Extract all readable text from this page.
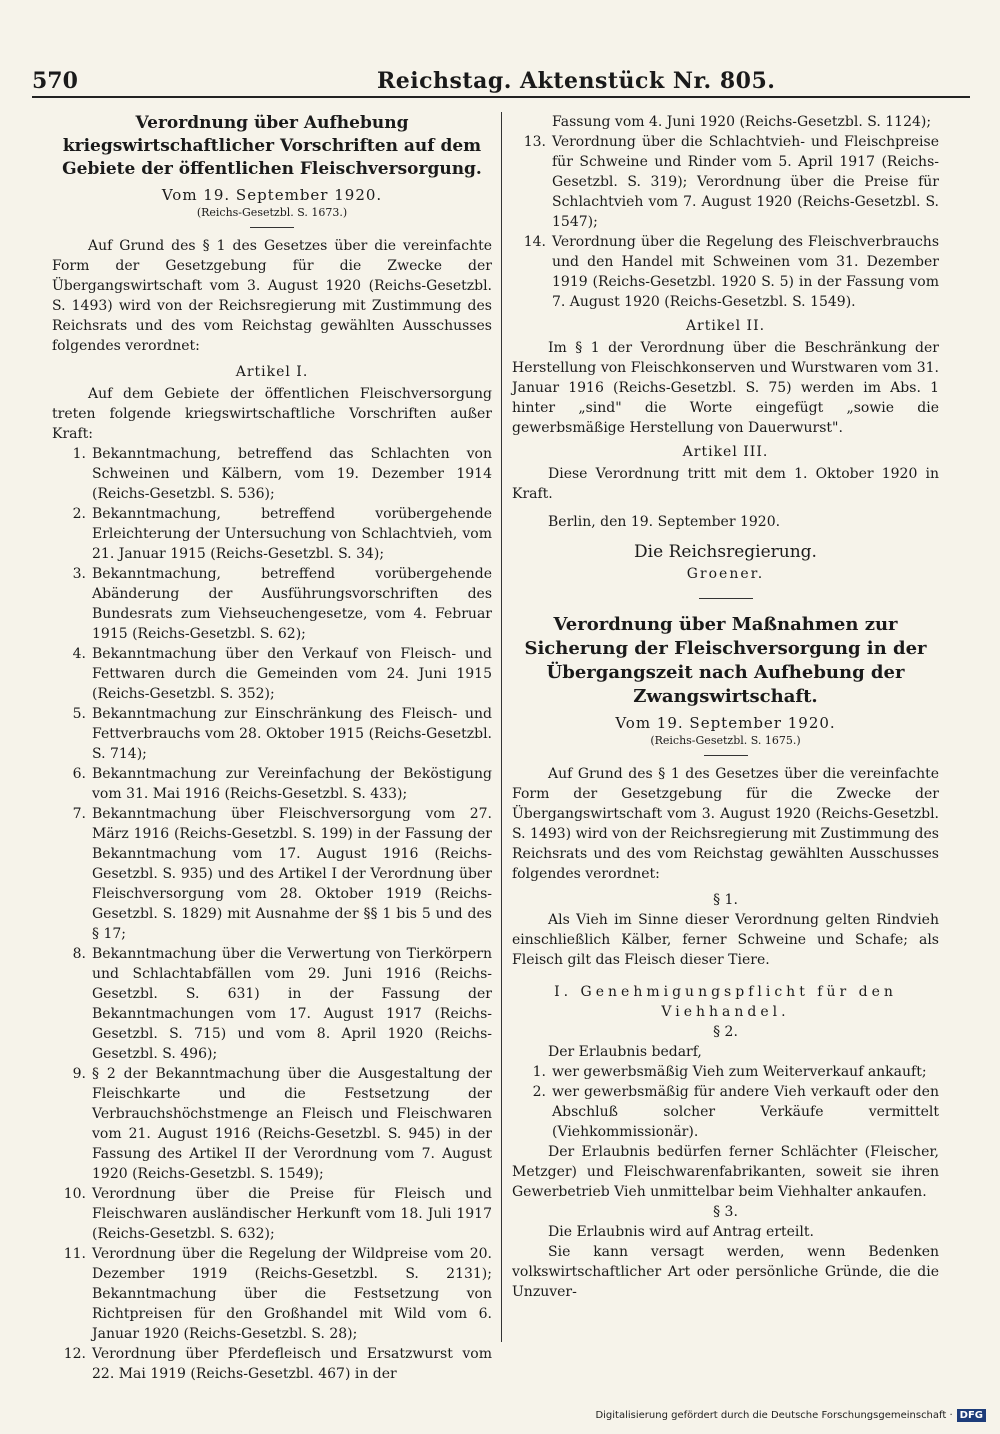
570	Reichstag. Aktenstück Nr. 805.

Verordnung über Aufhebung kriegswirtschaftlicher Vorschriften auf dem Gebiete der öffentlichen Fleischversorgung.

Vom 19. September 1920.

(Reichs-Gesetzbl. S. 1673.)

Auf Grund des § 1 des Gesetzes über die vereinfachte Form der Gesetzgebung für die Zwecke der Übergangswirtschaft vom 3. August 1920 (Reichs-Gesetzbl. S. 1493) wird von der Reichsregierung mit Zustimmung des Reichsrats und des vom Reichstag gewählten Ausschusses folgendes verordnet:

Artikel I.

Auf dem Gebiete der öffentlichen Fleischversorgung treten folgende kriegswirtschaftliche Vorschriften außer Kraft:

1. Bekanntmachung, betreffend das Schlachten von Schweinen und Kälbern, vom 19. Dezember 1914 (Reichs-Gesetzbl. S. 536);
2. Bekanntmachung, betreffend vorübergehende Erleichterung der Untersuchung von Schlachtvieh, vom 21. Januar 1915 (Reichs-Gesetzbl. S. 34);
3. Bekanntmachung, betreffend vorübergehende Abänderung der Ausführungsvorschriften des Bundesrats zum Viehseuchengesetze, vom 4. Februar 1915 (Reichs-Gesetzbl. S. 62);
4. Bekanntmachung über den Verkauf von Fleisch- und Fettwaren durch die Gemeinden vom 24. Juni 1915 (Reichs-Gesetzbl. S. 352);
5. Bekanntmachung zur Einschränkung des Fleisch- und Fettverbrauchs vom 28. Oktober 1915 (Reichs-Gesetzbl. S. 714);
6. Bekanntmachung zur Vereinfachung der Beköstigung vom 31. Mai 1916 (Reichs-Gesetzbl. S. 433);
7. Bekanntmachung über Fleischversorgung vom 27. März 1916 (Reichs-Gesetzbl. S. 199) in der Fassung der Bekanntmachung vom 17. August 1916 (Reichs-Gesetzbl. S. 935) und des Artikel I der Verordnung über Fleischversorgung vom 28. Oktober 1919 (Reichs-Gesetzbl. S. 1829) mit Ausnahme der §§ 1 bis 5 und des § 17;
8. Bekanntmachung über die Verwertung von Tierkörpern und Schlachtabfällen vom 29. Juni 1916 (Reichs-Gesetzbl. S. 631) in der Fassung der Bekanntmachungen vom 17. August 1917 (Reichs-Gesetzbl. S. 715) und vom 8. April 1920 (Reichs-Gesetzbl. S. 496);
9. § 2 der Bekanntmachung über die Ausgestaltung der Fleischkarte und die Festsetzung der Verbrauchshöchstmenge an Fleisch und Fleischwaren vom 21. August 1916 (Reichs-Gesetzbl. S. 945) in der Fassung des Artikel II der Verordnung vom 7. August 1920 (Reichs-Gesetzbl. S. 1549);
10. Verordnung über die Preise für Fleisch und Fleischwaren ausländischer Herkunft vom 18. Juli 1917 (Reichs-Gesetzbl. S. 632);
11. Verordnung über die Regelung der Wildpreise vom 20. Dezember 1919 (Reichs-Gesetzbl. S. 2131); Bekanntmachung über die Festsetzung von Richtpreisen für den Großhandel mit Wild vom 6. Januar 1920 (Reichs-Gesetzbl. S. 28);
12. Verordnung über Pferdefleisch und Ersatzwurst vom 22. Mai 1919 (Reichs-Gesetzbl. 467) in der

Fassung vom 4. Juni 1920 (Reichs-Gesetzbl. S. 1124);

13. Verordnung über die Schlachtvieh- und Fleischpreise für Schweine und Rinder vom 5. April 1917 (Reichs-Gesetzbl. S. 319); Verordnung über die Preise für Schlachtvieh vom 7. August 1920 (Reichs-Gesetzbl. S. 1547);
14. Verordnung über die Regelung des Fleischverbrauchs und den Handel mit Schweinen vom 31. Dezember 1919 (Reichs-Gesetzbl. 1920 S. 5) in der Fassung vom 7. August 1920 (Reichs-Gesetzbl. S. 1549).

Artikel II.

Im § 1 der Verordnung über die Beschränkung der Herstellung von Fleischkonserven und Wurstwaren vom 31. Januar 1916 (Reichs-Gesetzbl. S. 75) werden im Abs. 1 hinter „sind" die Worte eingefügt „sowie die gewerbsmäßige Herstellung von Dauerwurst".

Artikel III.

Diese Verordnung tritt mit dem 1. Oktober 1920 in Kraft.

Berlin, den 19. September 1920.

Die Reichsregierung.

Groener.

Verordnung über Maßnahmen zur Sicherung der Fleischversorgung in der Übergangszeit nach Aufhebung der Zwangswirtschaft.

Vom 19. September 1920.

(Reichs-Gesetzbl. S. 1675.)

Auf Grund des § 1 des Gesetzes über die vereinfachte Form der Gesetzgebung für die Zwecke der Übergangswirtschaft vom 3. August 1920 (Reichs-Gesetzbl. S. 1493) wird von der Reichsregierung mit Zustimmung des Reichsrats und des vom Reichstag gewählten Ausschusses folgendes verordnet:

§ 1.

Als Vieh im Sinne dieser Verordnung gelten Rindvieh einschließlich Kälber, ferner Schweine und Schafe; als Fleisch gilt das Fleisch dieser Tiere.

I. Genehmigungspflicht für den Viehhandel.

§ 2.

Der Erlaubnis bedarf,

1. wer gewerbsmäßig Vieh zum Weiterverkauf ankauft;
2. wer gewerbsmäßig für andere Vieh verkauft oder den Abschluß solcher Verkäufe vermittelt (Viehkommissionär).

Der Erlaubnis bedürfen ferner Schlächter (Fleischer, Metzger) und Fleischwarenfabrikanten, soweit sie ihren Gewerbetrieb Vieh unmittelbar beim Viehhalter ankaufen.

§ 3.

Die Erlaubnis wird auf Antrag erteilt.

Sie kann versagt werden, wenn Bedenken volkswirtschaftlicher Art oder persönliche Gründe, die die Unzuver-

Digitalisierung gefördert durch die Deutsche Forschungsgemeinschaft · DFG
